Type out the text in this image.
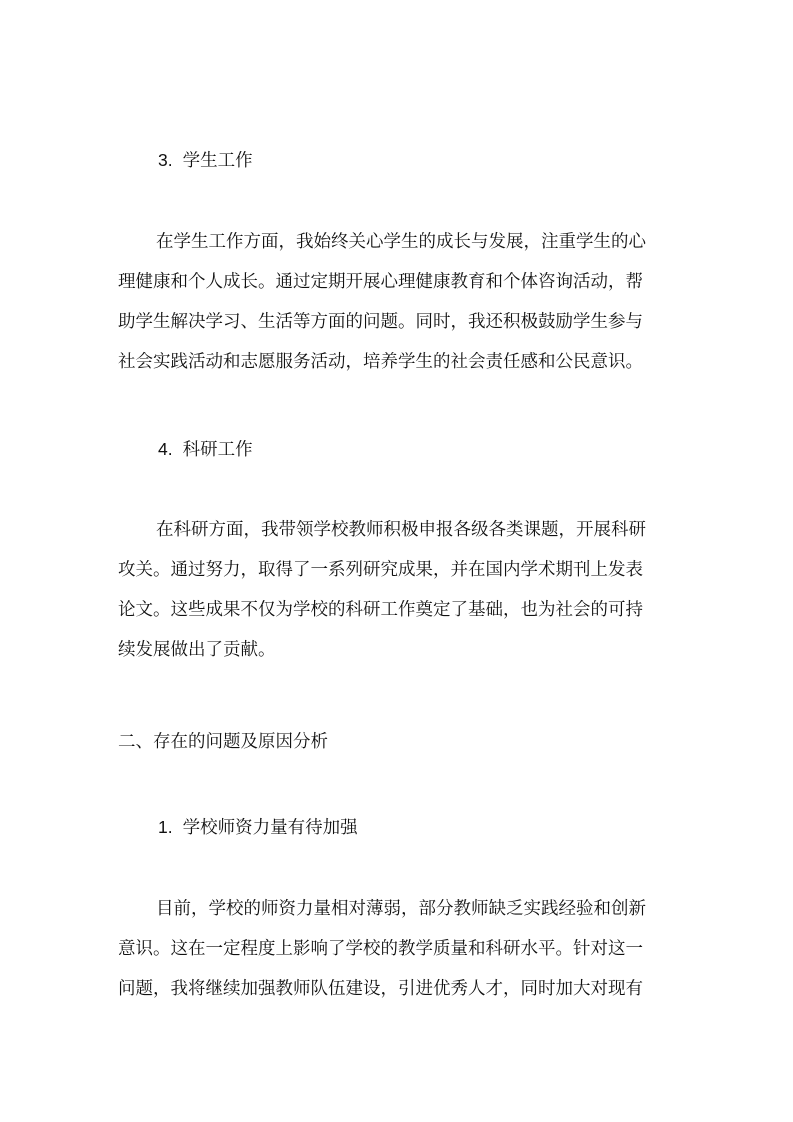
3. 学生工作
在学生工作方面，我始终关心学生的成长与发展，注重学生的心
理健康和个人成长。通过定期开展心理健康教育和个体咨询活动，帮
助学生解决学习、生活等方面的问题。同时，我还积极鼓励学生参与
社会实践活动和志愿服务活动，培养学生的社会责任感和公民意识。
4. 科研工作
在科研方面，我带领学校教师积极申报各级各类课题，开展科研
攻关。通过努力，取得了一系列研究成果，并在国内学术期刊上发表
论文。这些成果不仅为学校的科研工作奠定了基础，也为社会的可持
续发展做出了贡献。
二、存在的问题及原因分析
1. 学校师资力量有待加强
目前，学校的师资力量相对薄弱，部分教师缺乏实践经验和创新
意识。这在一定程度上影响了学校的教学质量和科研水平。针对这一
问题，我将继续加强教师队伍建设，引进优秀人才，同时加大对现有
